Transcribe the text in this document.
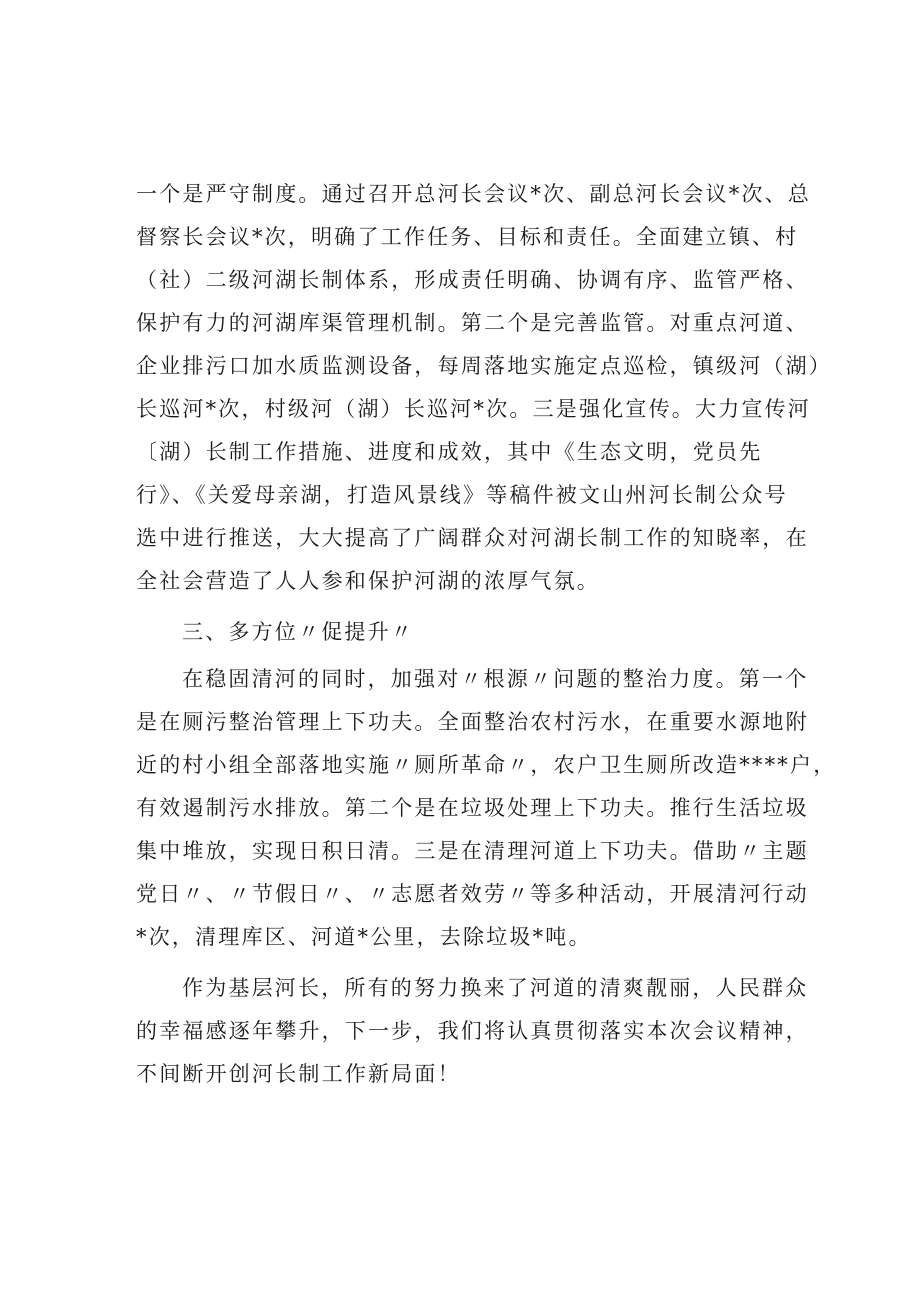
一个是严守制度。通过召开总河长会议*次、副总河长会议*次、总
督察长会议*次，明确了工作任务、目标和责任。全面建立镇、村
（社）二级河湖长制体系，形成责任明确、协调有序、监管严格、
保护有力的河湖库渠管理机制。第二个是完善监管。对重点河道、
企业排污口加水质监测设备，每周落地实施定点巡检，镇级河（湖）
长巡河*次，村级河（湖）长巡河*次。三是强化宣传。大力宣传河
〔湖）长制工作措施、进度和成效，其中《生态文明，党员先
行》、《关爱母亲湖，打造风景线》等稿件被文山州河长制公众号
选中进行推送，大大提高了广阔群众对河湖长制工作的知晓率，在
全社会营造了人人参和保护河湖的浓厚气氛。
三、多方位〃促提升〃
在稳固清河的同时，加强对〃根源〃问题的整治力度。第一个
是在厕污整治管理上下功夫。全面整治农村污水，在重要水源地附
近的村小组全部落地实施〃厕所革命〃，农户卫生厕所改造****户，
有效遏制污水排放。第二个是在垃圾处理上下功夫。推行生活垃圾
集中堆放，实现日积日清。三是在清理河道上下功夫。借助〃主题
党日〃、〃节假日〃、〃志愿者效劳〃等多种活动，开展清河行动
*次，清理库区、河道*公里，去除垃圾*吨。
作为基层河长，所有的努力换来了河道的清爽靓丽，人民群众
的幸福感逐年攀升，下一步，我们将认真贯彻落实本次会议精神，
不间断开创河长制工作新局面！
